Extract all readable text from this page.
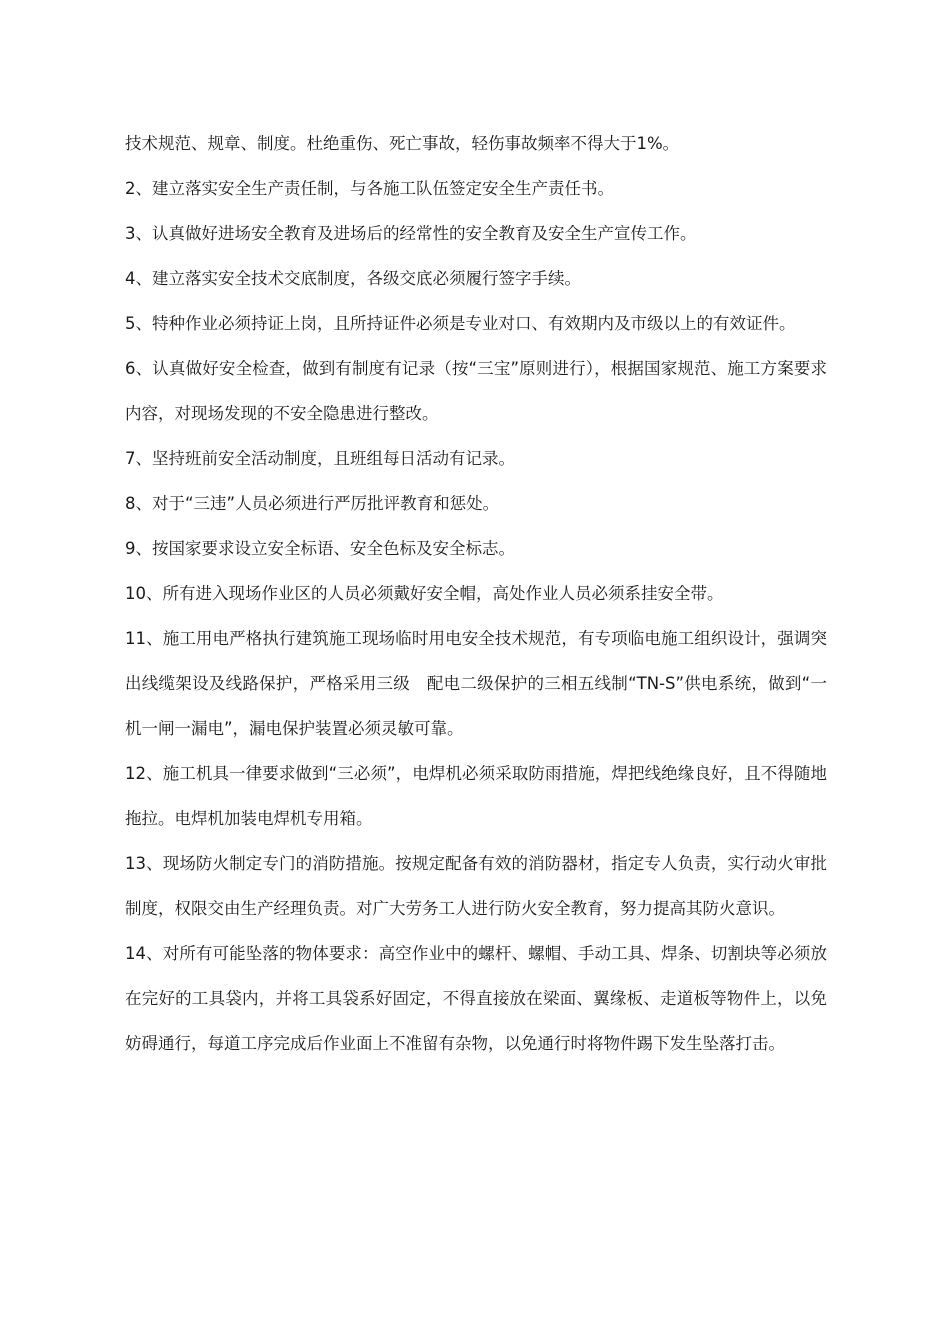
技术规范、规章、制度。杜绝重伤、死亡事故，轻伤事故频率不得大于1%。

2、建立落实安全生产责任制，与各施工队伍签定安全生产责任书。

3、认真做好进场安全教育及进场后的经常性的安全教育及安全生产宣传工作。

4、建立落实安全技术交底制度，各级交底必须履行签字手续。

5、特种作业必须持证上岗，且所持证件必须是专业对口、有效期内及市级以上的有效证件。

6、认真做好安全检查，做到有制度有记录（按“三宝”原则进行），根据国家规范、施工方案要求内容，对现场发现的不安全隐患进行整改。

7、坚持班前安全活动制度，且班组每日活动有记录。

8、对于“三违”人员必须进行严厉批评教育和惩处。

9、按国家要求设立安全标语、安全色标及安全标志。

10、所有进入现场作业区的人员必须戴好安全帽，高处作业人员必须系挂安全带。

11、施工用电严格执行建筑施工现场临时用电安全技术规范，有专项临电施工组织设计，强调突出线缆架设及线路保护，严格采用三级　配电二级保护的三相五线制“TN-S”供电系统，做到“一机一闸一漏电”，漏电保护装置必须灵敏可靠。

12、施工机具一律要求做到“三必须”，电焊机必须采取防雨措施，焊把线绝缘良好，且不得随地拖拉。电焊机加装电焊机专用箱。

13、现场防火制定专门的消防措施。按规定配备有效的消防器材，指定专人负责，实行动火审批制度，权限交由生产经理负责。对广大劳务工人进行防火安全教育，努力提高其防火意识。

14、对所有可能坠落的物体要求：高空作业中的螺杆、螺帽、手动工具、焊条、切割块等必须放在完好的工具袋内，并将工具袋系好固定，不得直接放在梁面、翼缘板、走道板等物件上，以免妨碍通行，每道工序完成后作业面上不准留有杂物，以免通行时将物件踢下发生坠落打击。
